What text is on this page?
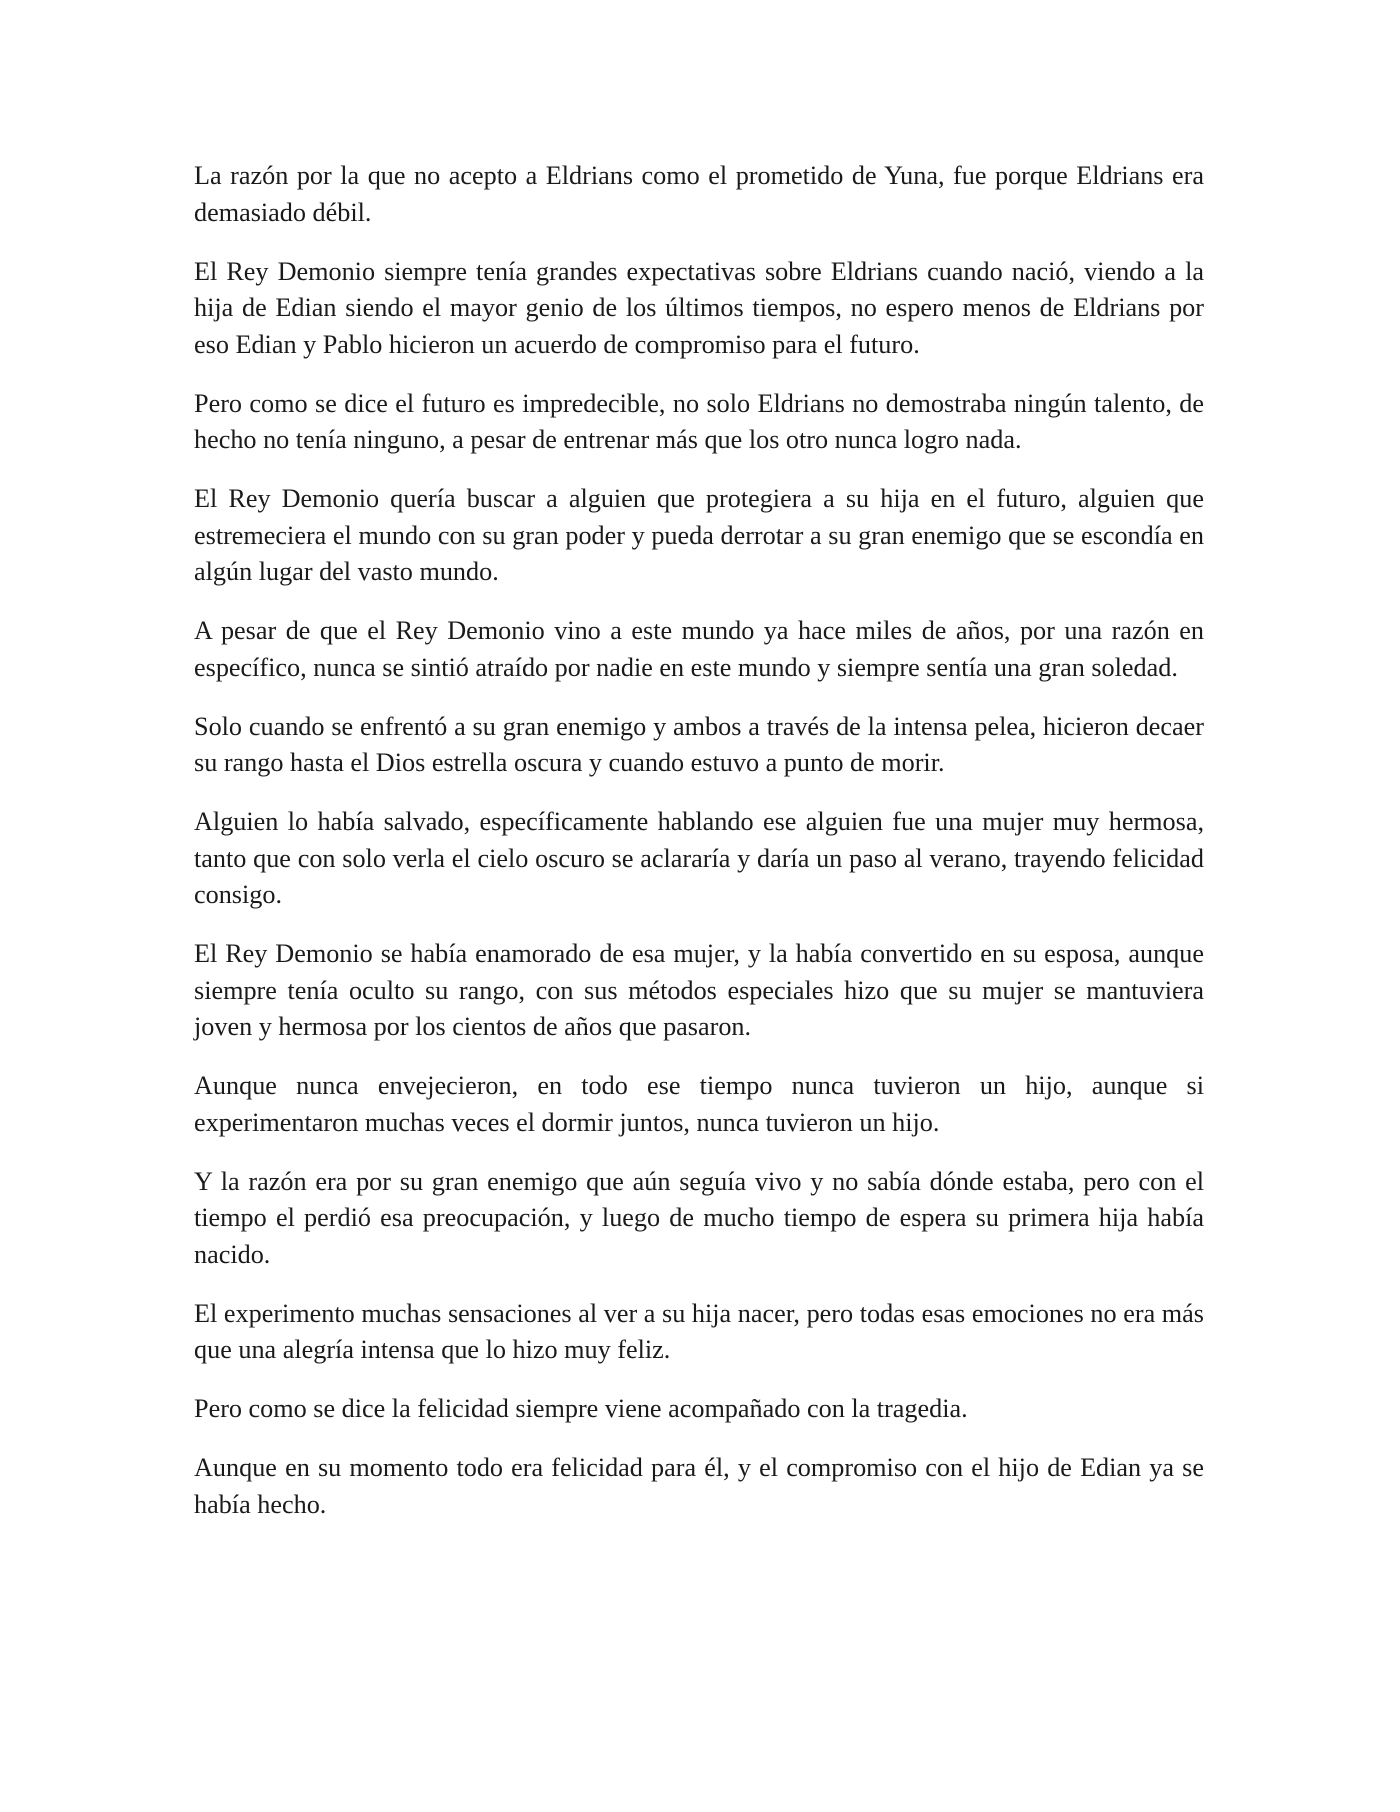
La razón por la que no acepto a Eldrians como el prometido de Yuna, fue porque Eldrians era demasiado débil.

El Rey Demonio siempre tenía grandes expectativas sobre Eldrians cuando nació, viendo a la hija de Edian siendo el mayor genio de los últimos tiempos, no espero menos de Eldrians por eso Edian y Pablo hicieron un acuerdo de compromiso para el futuro.

Pero como se dice el futuro es impredecible, no solo Eldrians no demostraba ningún talento, de hecho no tenía ninguno, a pesar de entrenar más que los otro nunca logro nada.

El Rey Demonio quería buscar a alguien que protegiera a su hija en el futuro, alguien que estremeciera el mundo con su gran poder y pueda derrotar a su gran enemigo que se escondía en algún lugar del vasto mundo.

A pesar de que el Rey Demonio vino a este mundo ya hace miles de años, por una razón en específico, nunca se sintió atraído por nadie en este mundo y siempre sentía una gran soledad.

Solo cuando se enfrentó a su gran enemigo y ambos a través de la intensa pelea, hicieron decaer su rango hasta el Dios estrella oscura y cuando estuvo a punto de morir.

Alguien lo había salvado, específicamente hablando ese alguien fue una mujer muy hermosa, tanto que con solo verla el cielo oscuro se aclararía y daría un paso al verano, trayendo felicidad consigo.

El Rey Demonio se había enamorado de esa mujer, y la había convertido en su esposa, aunque siempre tenía oculto su rango, con sus métodos especiales hizo que su mujer se mantuviera joven y hermosa por los cientos de años que pasaron.

Aunque nunca envejecieron, en todo ese tiempo nunca tuvieron un hijo, aunque si experimentaron muchas veces el dormir juntos, nunca tuvieron un hijo.

Y la razón era por su gran enemigo que aún seguía vivo y no sabía dónde estaba, pero con el tiempo el perdió esa preocupación, y luego de mucho tiempo de espera su primera hija había nacido.

El experimento muchas sensaciones al ver a su hija nacer, pero todas esas emociones no era más que una alegría intensa que lo hizo muy feliz.

Pero como se dice la felicidad siempre viene acompañado con la tragedia.

Aunque en su momento todo era felicidad para él, y el compromiso con el hijo de Edian ya se había hecho.
